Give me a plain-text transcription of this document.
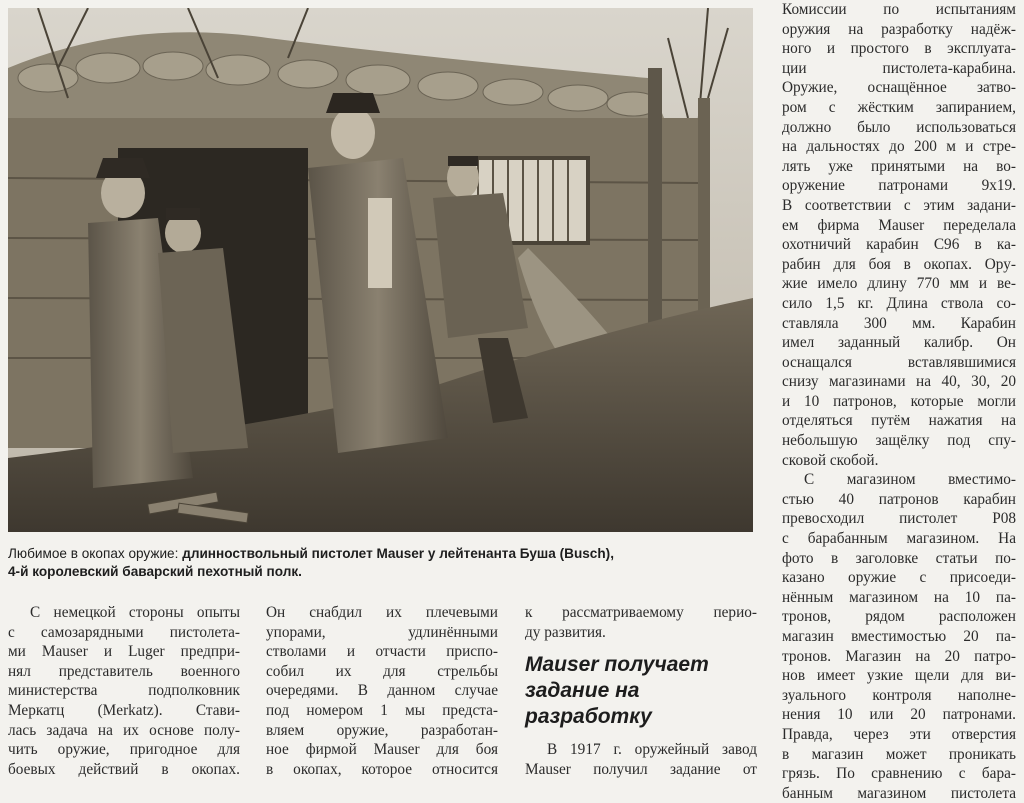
Любимое в окопах оружие: длинноствольный пистолет Mauser у лейтенанта Буша (Busch),
4-й королевский баварский пехотный полк.
С немецкой стороны опыты
с самозарядными пистолета-
ми Mauser и Luger предпри-
нял представитель военного
министерства подполковник
Меркатц (Merkatz). Стави-
лась задача на их основе полу-
чить оружие, пригодное для
боевых действий в окопах.
Он снабдил их плечевыми
упорами, удлинёнными
стволами и отчасти приспо-
собил их для стрельбы
очередями. В данном случае
под номером 1 мы предста-
вляем оружие, разработан-
ное фирмой Mauser для боя
в окопах, которое относится
к рассматриваемому перио-
ду развития.
Mauser получает
задание на
разработку
В 1917 г. оружейный завод
Mauser получил задание от
Комиссии по испытаниям
оружия на разработку надёж-
ного и простого в эксплуата-
ции пистолета-карабина.
Оружие, оснащённое затво-
ром с жёстким запиранием,
должно было использоваться
на дальностях до 200 м и стре-
лять уже принятыми на во-
оружение патронами 9x19.
В соответствии с этим задани-
ем фирма Mauser переделала
охотничий карабин С96 в ка-
рабин для боя в окопах. Ору-
жие имело длину 770 мм и ве-
сило 1,5 кг. Длина ствола со-
ставляла 300 мм. Карабин
имел заданный калибр. Он
оснащался вставлявшимися
снизу магазинами на 40, 30, 20
и 10 патронов, которые могли
отделяться путём нажатия на
небольшую защёлку под спу-
сковой скобой.
С магазином вместимо-
стью 40 патронов карабин
превосходил пистолет Р08
с барабанным магазином. На
фото в заголовке статьи по-
казано оружие с присоеди-
нённым магазином на 10 па-
тронов, рядом расположен
магазин вместимостью 20 па-
тронов. Магазин на 20 патро-
нов имеет узкие щели для ви-
зуального контроля наполне-
нения 10 или 20 патронами.
Правда, через эти отверстия
в магазин может проникать
грязь. По сравнению с бара-
банным магазином пистолета
